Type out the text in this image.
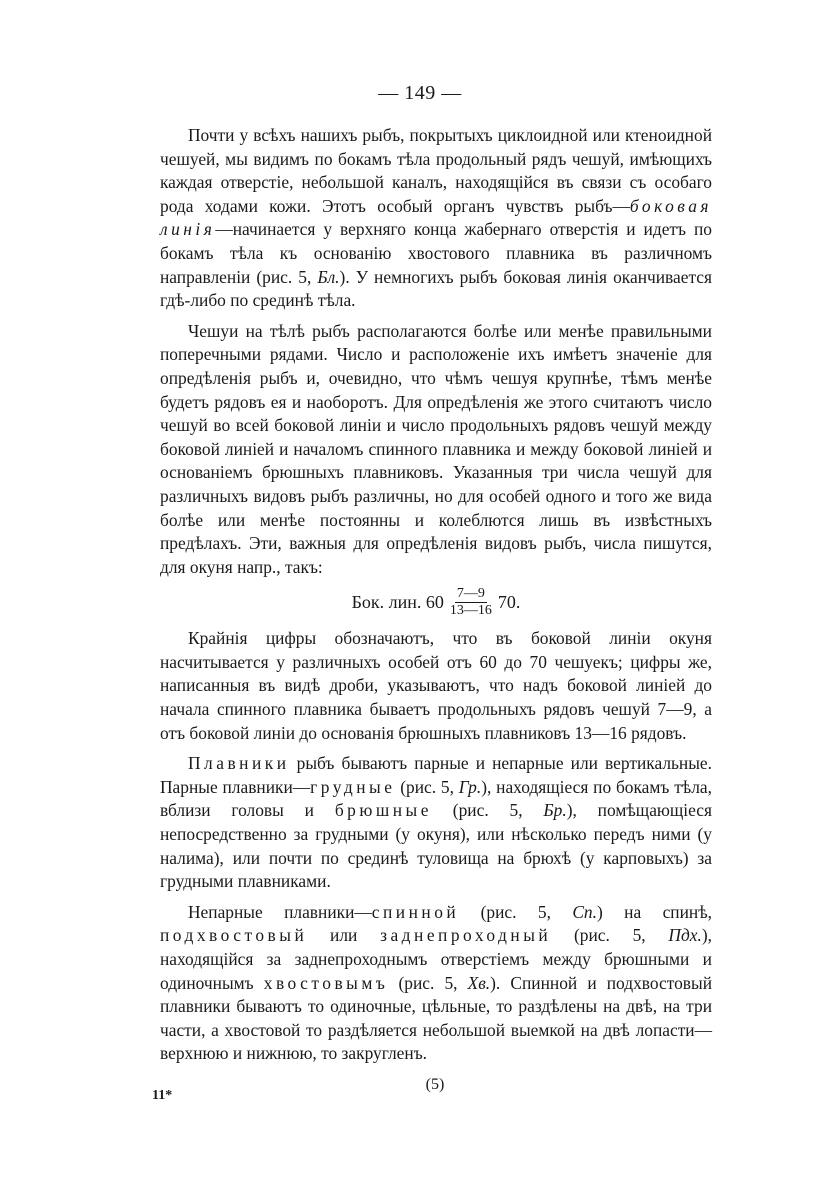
— 149 —

Почти у всѣхъ нашихъ рыбъ, покрытыхъ циклоидной или ктеноидной чешуей, мы видимъ по бокамъ тѣла продольный рядъ чешуй, имѣющихъ каждая отверстіе, небольшой каналъ, находящійся въ связи съ особаго рода ходами кожи. Этотъ особый органъ чувствъ рыбъ—боковая линія—начинается у верхняго конца жабернаго отверстія и идетъ по бокамъ тѣла къ основанію хвостового плавника въ различномъ направленіи (рис. 5, Бл.). У немногихъ рыбъ боковая линія оканчивается гдѣ-либо по срединѣ тѣла.

Чешуи на тѣлѣ рыбъ располагаются болѣе или менѣе правильными поперечными рядами. Число и расположеніе ихъ имѣетъ значеніе для опредѣленія рыбъ и, очевидно, что чѣмъ чешуя крупнѣе, тѣмъ менѣе будетъ рядовъ ея и наоборотъ. Для опредѣленія же этого считаютъ число чешуй во всей боковой линіи и число продольныхъ рядовъ чешуй между боковой линіей и началомъ спинного плавника и между боковой линіей и основаніемъ брюшныхъ плавниковъ. Указанныя три числа чешуй для различныхъ видовъ рыбъ различны, но для особей одного и того же вида болѣе или менѣе постоянны и колеблются лишь въ извѣстныхъ предѣлахъ. Эти, важныя для опредѣленія видовъ рыбъ, числа пишутся, для окуня напр., такъ:

Бок. лин. $60 \frac{7—9}{13—16} 70$.

Крайнія цифры обозначаютъ, что въ боковой линіи окуня насчитывается у различныхъ особей отъ 60 до 70 чешуекъ; цифры же, написанныя въ видѣ дроби, указываютъ, что надъ боковой линіей до начала спинного плавника бываетъ продольныхъ рядовъ чешуй 7—9, а отъ боковой линіи до основанія брюшныхъ плавниковъ 13—16 рядовъ.

Плавники рыбъ бываютъ парные и непарные или вертикальные. Парные плавники—грудные (рис. 5, Гр.), находящіеся по бокамъ тѣла, вблизи головы и брюшные (рис. 5, Бр.), помѣщающіеся непосредственно за грудными (у окуня), или нѣсколько передъ ними (у налима), или почти по срединѣ туловища на брюхѣ (у карповыхъ) за грудными плавниками.

Непарные плавники—спинной (рис. 5, Сп.) на спинѣ, подхвостовый или заднепроходный (рис. 5, Пдх.), находящійся за заднепроходнымъ отверстіемъ между брюшными и одиночнымъ хвостовымъ (рис. 5, Хв.). Спинной и подхвостовый плавники бываютъ то одиночные, цѣльные, то раздѣлены на двѣ, на три части, а хвостовой то раздѣляется небольшой выемкой на двѣ лопасти—верхнюю и нижнюю, то закругленъ.

11*
(5)
